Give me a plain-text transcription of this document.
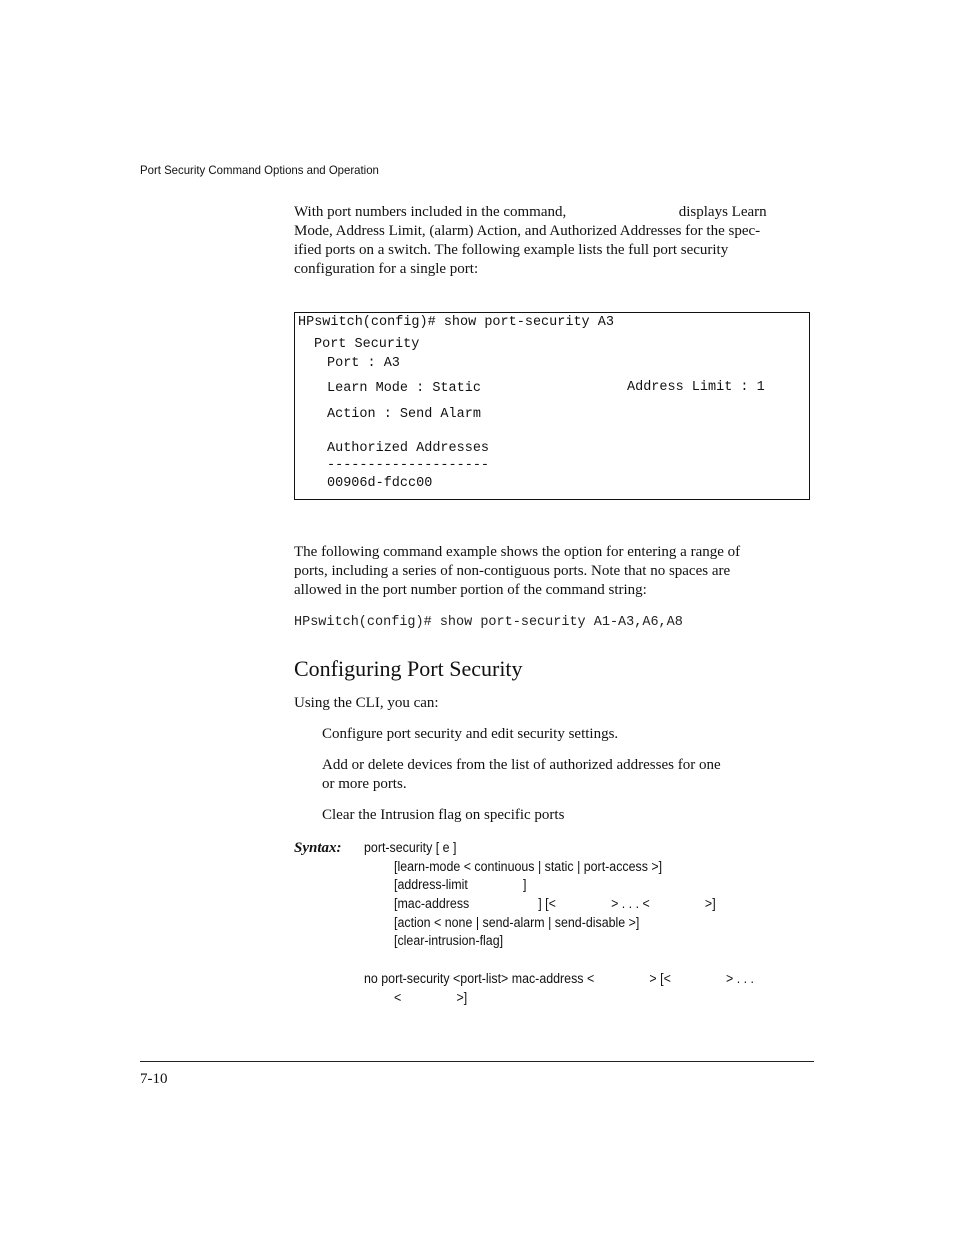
Port Security Command Options and Operation
With port numbers included in the command,                              displays Learn
Mode, Address Limit, (alarm) Action, and Authorized Addresses for the spec-
ified ports on a switch. The following example lists the full port security
configuration for a single port:
HPswitch(config)# show port-security A3
Port Security
Port : A3
Learn Mode : Static	Address Limit : 1
Action : Send Alarm
Authorized Addresses
--------------------
00906d-fdcc00
The following command example shows the option for entering a range of
ports, including a series of non-contiguous ports. Note that no spaces are
allowed in the port number portion of the command string:
HPswitch(config)# show port-security A1-A3,A6,A8
Configuring Port Security
Using the CLI, you can:
Configure port security and edit security settings.
Add or delete devices from the list of authorized addresses for one
or more ports.
Clear the Intrusion flag on specific ports
Syntax: port-security [ e ]
[learn-mode < continuous | static | port-access >]
[address-limit                ]
[mac-address                    ] [<                > . . . <                >]
[action < none | send-alarm | send-disable >]
[clear-intrusion-flag]
no port-security <port-list> mac-address <                > [<                > . . .
<                >]
7-10
